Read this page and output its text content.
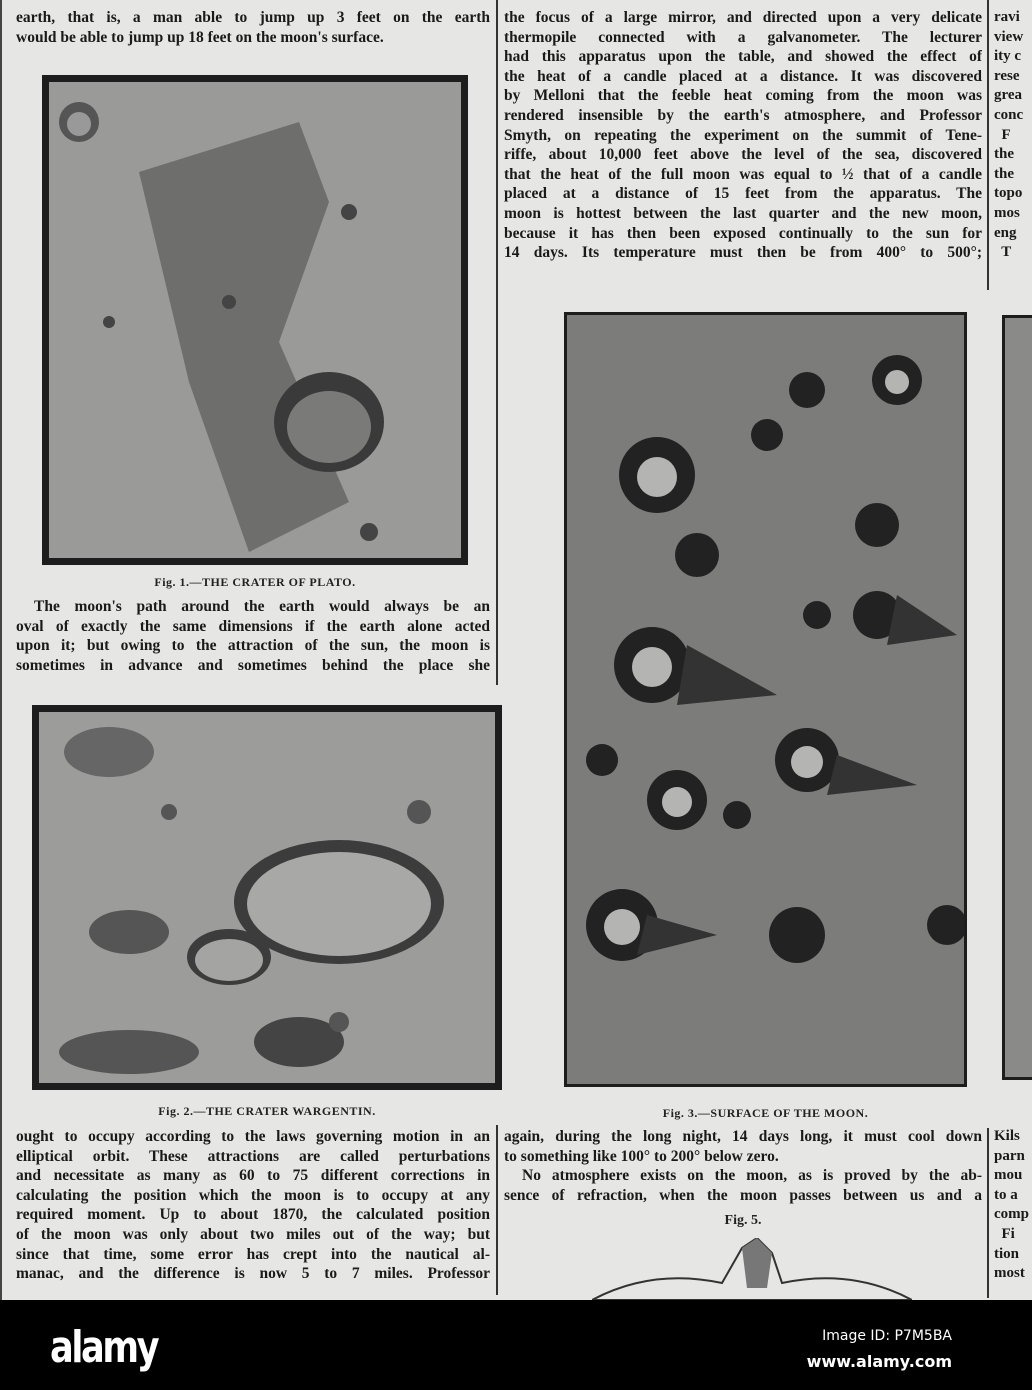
earth, that is, a man able to jump up 3 feet on the earth
would be able to jump up 18 feet on the moon's surface.
Fig. 1.—THE CRATER OF PLATO.
The moon's path around the earth would always be an
oval of exactly the same dimensions if the earth alone acted
upon it; but owing to the attraction of the sun, the moon is
sometimes in advance and sometimes behind the place she
Fig. 2.—THE CRATER WARGENTIN.
ought to occupy according to the laws governing motion in an
elliptical orbit. These attractions are called perturbations
and necessitate as many as 60 to 75 different corrections in
calculating the position which the moon is to occupy at any
required moment. Up to about 1870, the calculated position
of the moon was only about two miles out of the way; but
since that time, some error has crept into the nautical al-
manac, and the difference is now 5 to 7 miles. Professor
the focus of a large mirror, and directed upon a very delicate
thermopile connected with a galvanometer. The lecturer
had this apparatus upon the table, and showed the effect of
the heat of a candle placed at a distance. It was discovered
by Melloni that the feeble heat coming from the moon was
rendered insensible by the earth's atmosphere, and Professor
Smyth, on repeating the experiment on the summit of Tene-
riffe, about 10,000 feet above the level of the sea, discovered
that the heat of the full moon was equal to ½ that of a candle
placed at a distance of 15 feet from the apparatus. The
moon is hottest between the last quarter and the new moon,
because it has then been exposed continually to the sun for
14 days. Its temperature must then be from 400° to 500°;
Fig. 3.—SURFACE OF THE MOON.
again, during the long night, 14 days long, it must cool down
to something like 100° to 200° below zero.
No atmosphere exists on the moon, as is proved by the ab-
sence of refraction, when the moon passes between us and a
Fig. 5.
ravi
view
ity c
rese
grea
conc
F
the
the
topo
mos
eng
T
Kils
parn
mou
to a
comp
Fi
tion
most
alamy	Image ID: P7M5BA
www.alamy.com
